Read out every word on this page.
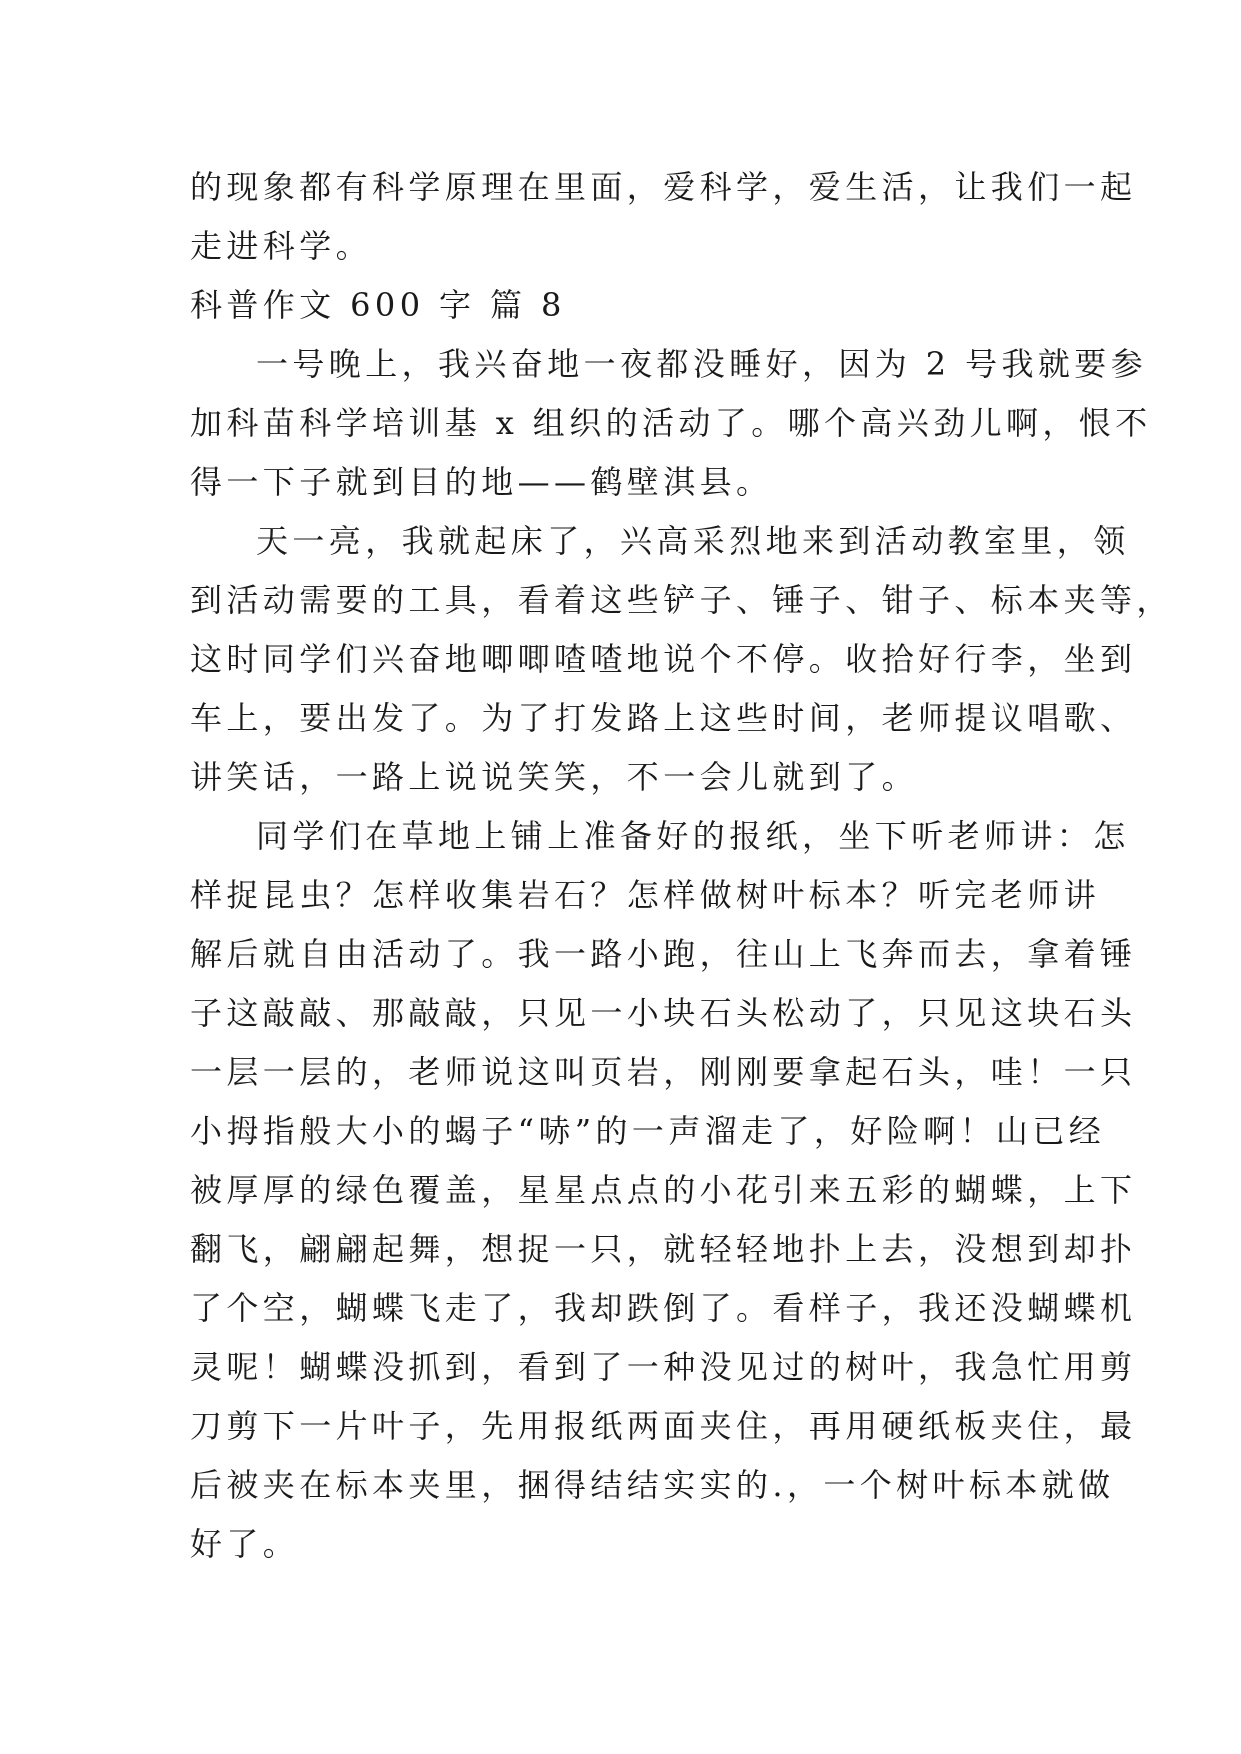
的现象都有科学原理在里面，爱科学，爱生活，让我们一起
走进科学。
科普作文 600 字 篇 8
一号晚上，我兴奋地一夜都没睡好，因为 2 号我就要参
加科苗科学培训基 x 组织的活动了。哪个高兴劲儿啊，恨不
得一下子就到目的地——鹤壁淇县。
天一亮，我就起床了，兴高采烈地来到活动教室里，领
到活动需要的工具，看着这些铲子、锤子、钳子、标本夹等，
这时同学们兴奋地唧唧喳喳地说个不停。收拾好行李，坐到
车上，要出发了。为了打发路上这些时间，老师提议唱歌、
讲笑话，一路上说说笑笑，不一会儿就到了。
同学们在草地上铺上准备好的报纸，坐下听老师讲：怎
样捉昆虫？怎样收集岩石？怎样做树叶标本？听完老师讲
解后就自由活动了。我一路小跑，往山上飞奔而去，拿着锤
子这敲敲、那敲敲，只见一小块石头松动了，只见这块石头
一层一层的，老师说这叫页岩，刚刚要拿起石头，哇！一只
小拇指般大小的蝎子“哧”的一声溜走了，好险啊！山已经
被厚厚的绿色覆盖，星星点点的小花引来五彩的蝴蝶，上下
翻飞，翩翩起舞，想捉一只，就轻轻地扑上去，没想到却扑
了个空，蝴蝶飞走了，我却跌倒了。看样子，我还没蝴蝶机
灵呢！蝴蝶没抓到，看到了一种没见过的树叶，我急忙用剪
刀剪下一片叶子，先用报纸两面夹住，再用硬纸板夹住，最
后被夹在标本夹里，捆得结结实实的.，一个树叶标本就做
好了。
